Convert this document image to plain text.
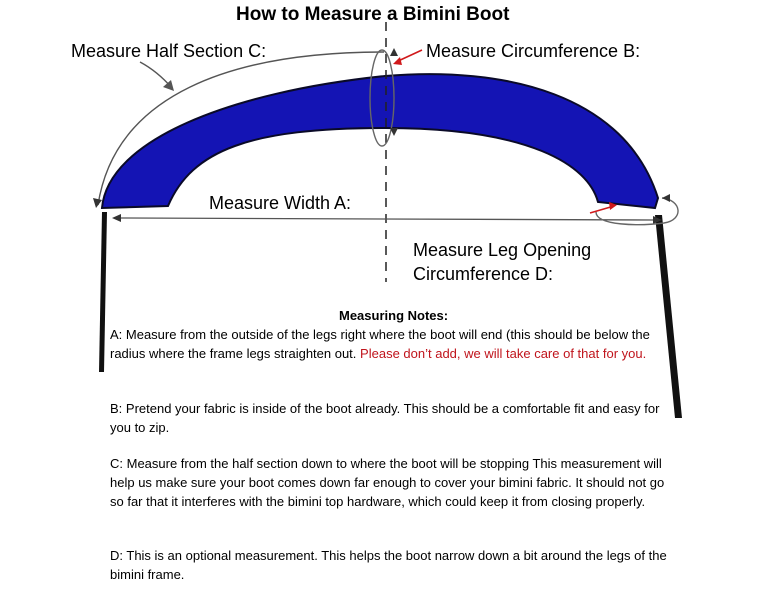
How to Measure a Bimini Boot
Measure Half Section C:	Measure Circumference B:
Measure Width A:
Measure Leg Opening
Circumference D:
Measuring Notes:
A: Measure from the outside of the legs right where the boot will end (this should be below the radius where the frame legs straighten out. Please don’t add, we will take care of that for you.
B: Pretend your fabric is inside of the boot already. This should be a comfortable fit and easy for you to zip.
C: Measure from the half section down to where the boot will be stopping This measurement will help us make sure your boot comes down far enough to cover your bimini fabric. It should not go so far that it interferes with the bimini top hardware, which could keep it from closing properly.
D: This is an optional measurement. This helps the boot narrow down a bit around the legs of the bimini frame.
